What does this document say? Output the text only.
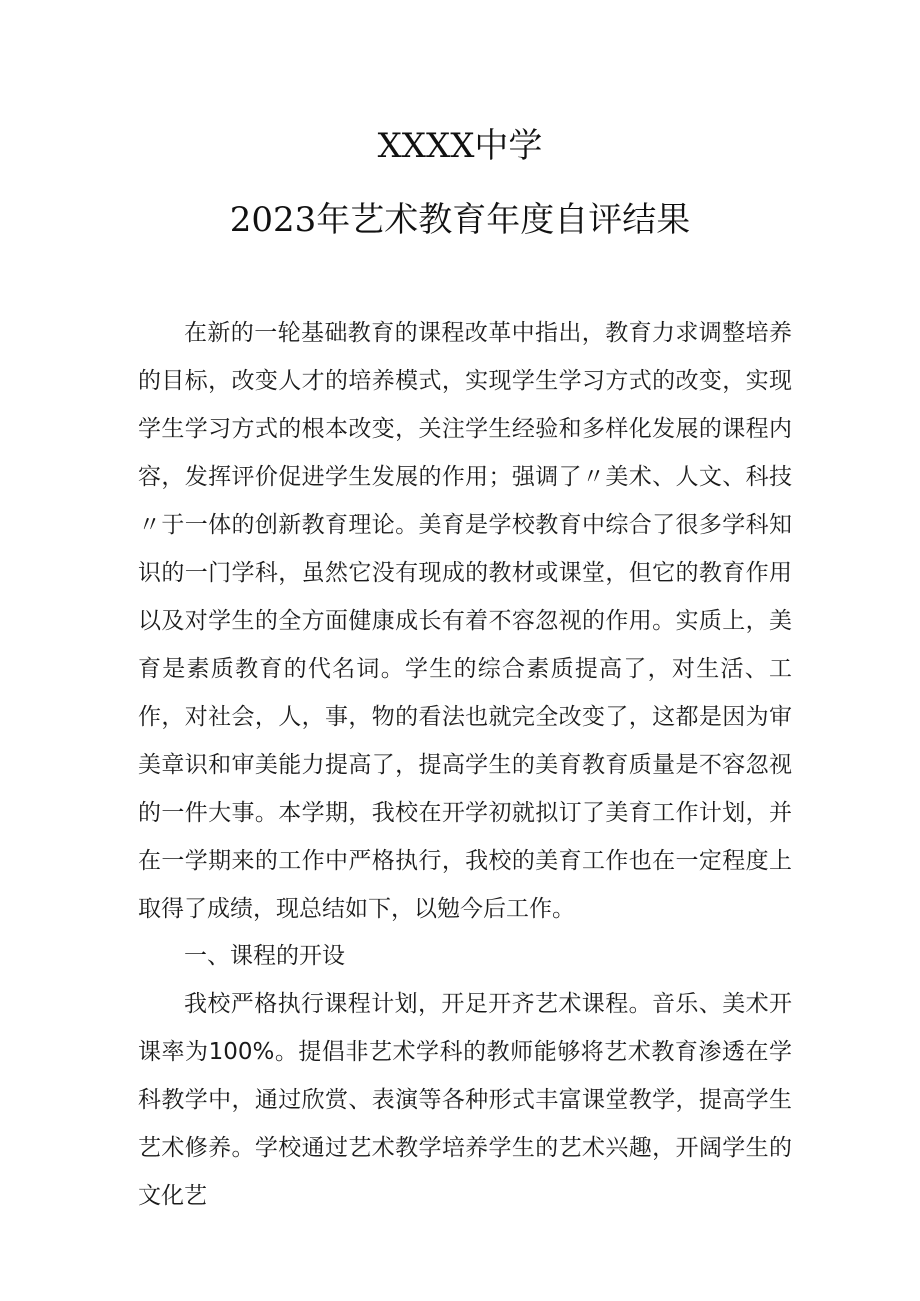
XXXX中学
2023年艺术教育年度自评结果

在新的一轮基础教育的课程改革中指出，教育力求调整培养的目标，改变人才的培养模式，实现学生学习方式的改变，实现学生学习方式的根本改变，关注学生经验和多样化发展的课程内容，发挥评价促进学生发展的作用；强调了〃美术、人文、科技〃于一体的创新教育理论。美育是学校教育中综合了很多学科知识的一门学科，虽然它没有现成的教材或课堂，但它的教育作用以及对学生的全方面健康成长有着不容忽视的作用。实质上，美育是素质教育的代名词。学生的综合素质提高了，对生活、工作，对社会，人，事，物的看法也就完全改变了，这都是因为审美章识和审美能力提高了，提高学生的美育教育质量是不容忽视的一件大事。本学期，我校在开学初就拟订了美育工作计划，并在一学期来的工作中严格执行，我校的美育工作也在一定程度上取得了成绩，现总结如下，以勉今后工作。

一、课程的开设

我校严格执行课程计划，开足开齐艺术课程。音乐、美术开课率为100%。提倡非艺术学科的教师能够将艺术教育渗透在学科教学中，通过欣赏、表演等各种形式丰富课堂教学，提高学生艺术修养。学校通过艺术教学培养学生的艺术兴趣，开阔学生的文化艺
